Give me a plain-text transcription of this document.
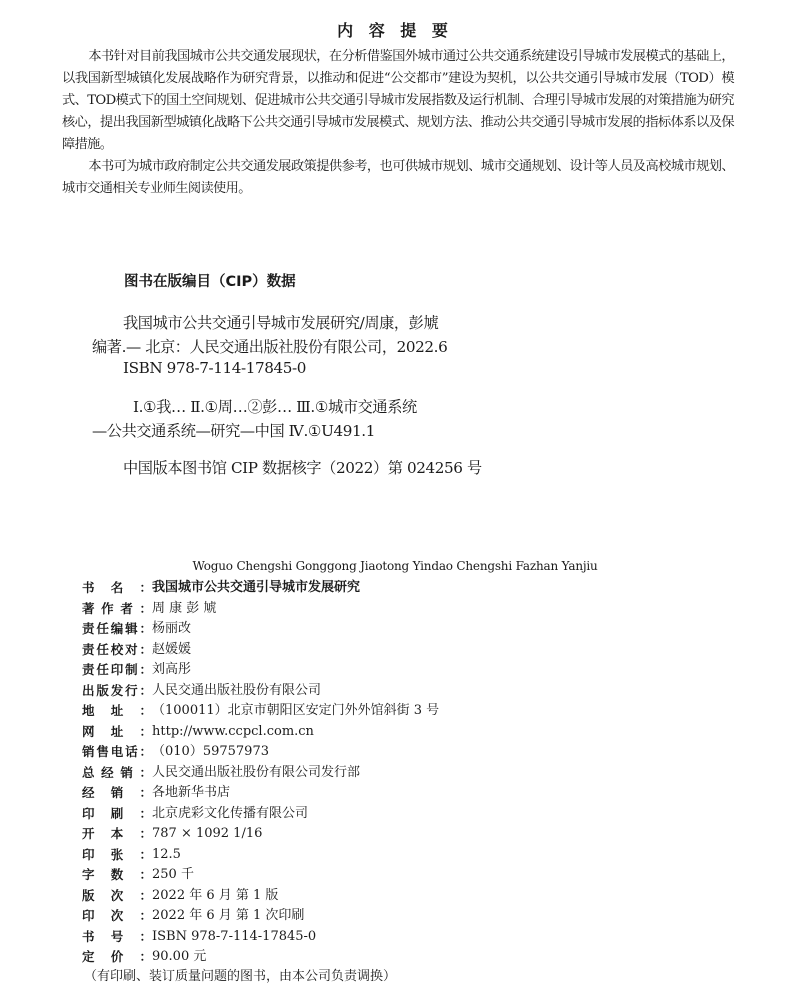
内 容 提 要

本书针对目前我国城市公共交通发展现状，在分析借鉴国外城市通过公共交通系统建设引导城市发展模式的基础上，以我国新型城镇化发展战略作为研究背景，以推动和促进“公交都市”建设为契机，以公共交通引导城市发展（TOD）模式、TOD模式下的国土空间规划、促进城市公共交通引导城市发展指数及运行机制、合理引导城市发展的对策措施为研究核心，提出我国新型城镇化战略下公共交通引导城市发展模式、规划方法、推动公共交通引导城市发展的指标体系以及保障措施。

本书可为城市政府制定公共交通发展政策提供参考，也可供城市规划、城市交通规划、设计等人员及高校城市规划、城市交通相关专业师生阅读使用。

图书在版编目（CIP）数据
我国城市公共交通引导城市发展研究/周康，彭虓
编著.— 北京：人民交通出版社股份有限公司，2022.6
ISBN 978-7-114-17845-0
Ⅰ.①我… Ⅱ.①周…②彭… Ⅲ.①城市交通系统
—公共交通系统—研究—中国 Ⅳ.①U491.1
中国版本图书馆 CIP 数据核字（2022）第 024256 号
Woguo Chengshi Gonggong Jiaotong Yindao Chengshi Fazhan Yanjiu
书 名 ： 我国城市公共交通引导城市发展研究
著 作 者 ： 周 康 彭 虓
责 任 编 辑 ： 杨丽改
责 任 校 对 ： 赵媛媛
责 任 印 制 ： 刘高彤
出 版 发 行 ： 人民交通出版社股份有限公司
地 址 ： （100011）北京市朝阳区安定门外外馆斜街 3 号
网 址 ： http://www.ccpcl.com.cn
销 售 电 话 ： （010）59757973
总 经 销 ： 人民交通出版社股份有限公司发行部
经 销 ： 各地新华书店
印 刷 ： 北京虎彩文化传播有限公司
开 本 ： 787 × 1092 1/16
印 张 ： 12.5
字 数 ： 250 千
版 次 ： 2022 年 6 月 第 1 版
印 次 ： 2022 年 6 月 第 1 次印刷
书 号 ： ISBN 978-7-114-17845-0
定 价 ： 90.00 元
（有印刷、装订质量问题的图书，由本公司负责调换）
